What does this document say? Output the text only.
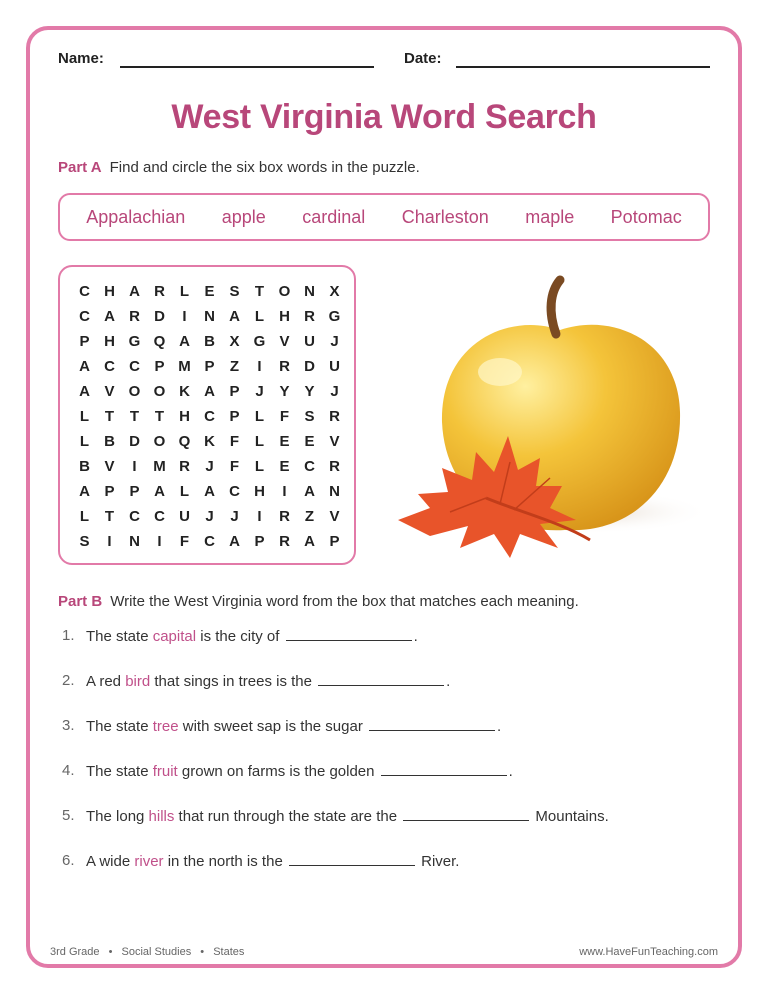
Name:	Date:
West Virginia Word Search
Part A Find and circle the six box words in the puzzle.
Appalachian apple cardinal Charleston maple Potomac
C H A R L	E S	T O N X
C A R D	I	N A L	H R G
P H G Q A B X G V U	J
A C C P M P	Z	I	R D U
A V O O K A P	J	Y Y	J
L	T	T	T	H C P	L	F	S R
L	B D O Q K F	L	E E V
B V	I	M R	J	F	L	E C R
A P P A L	A C H	I	A N
L	T	C C U	J	J	I	R Z	V
S	I	N	I	F	C A P R A P
Part B Write the West Virginia word from the box that matches each meaning.
1. The state capital is the city of	.
2. A red bird that sings in trees is the	.
3. The state tree with sweet sap is the sugar	.
4. The state fruit grown on farms is the golden	.
5. The long hills that run through the state are the	Mountains.
6. A wide river in the north is the	River.
3rd Grade • Social Studies • States	www.HaveFunTeaching.com
